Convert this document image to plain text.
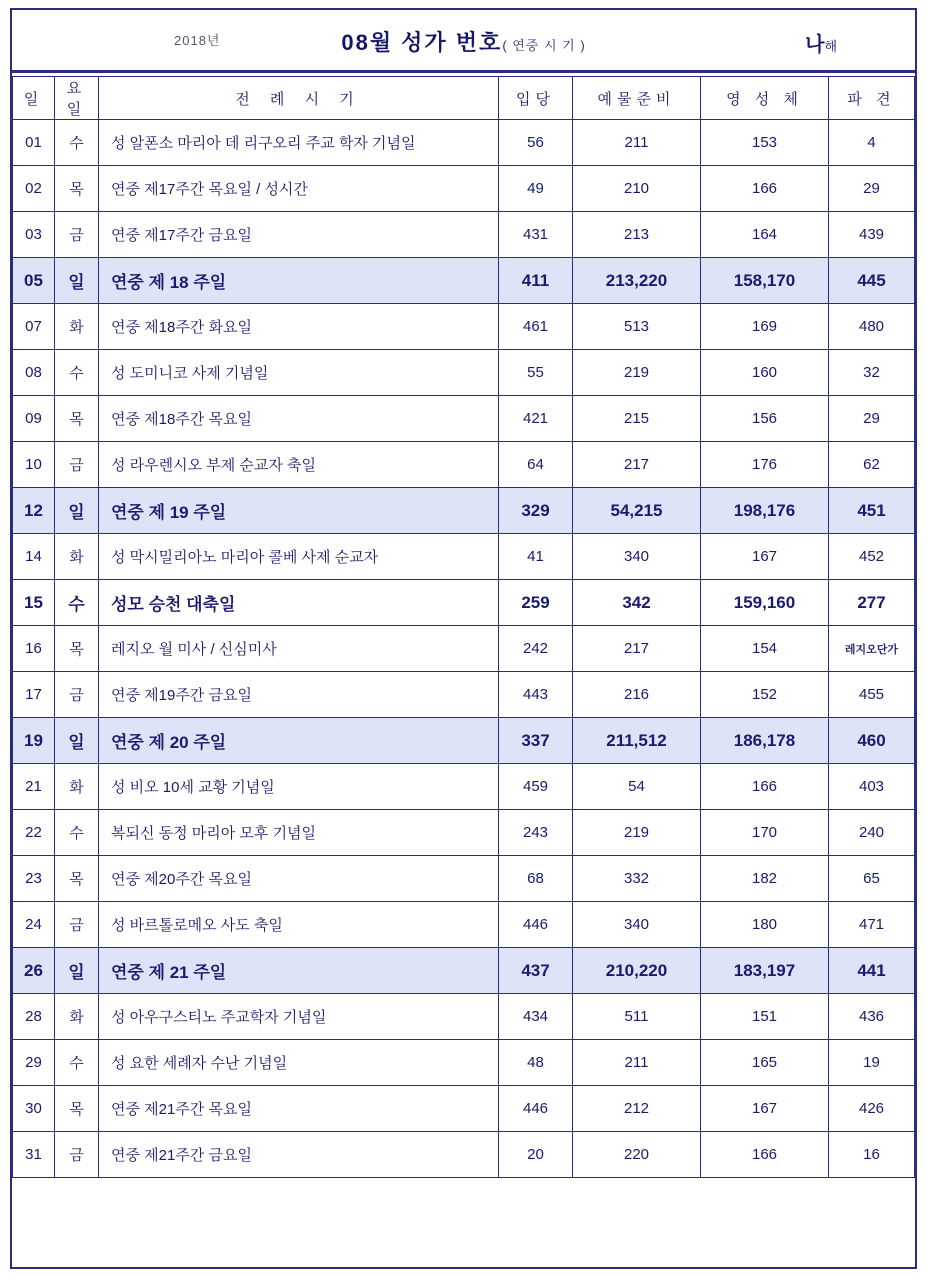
2018년	08월 성가 번호( 연중 시 기 )	나해
일	요일	전 례 시 기	입당	예물준비	영 성 체	파 견
01	수	성 알폰소 마리아 데 리구오리 주교 학자 기념일	56	211	153	4
02	목	연중 제17주간 목요일 / 성시간	49	210	166	29
03	금	연중 제17주간 금요일	431	213	164	439
05	일	연중 제 18 주일	411	213,220	158,170	445
07	화	연중 제18주간 화요일	461	513	169	480
08	수	성 도미니코 사제 기념일	55	219	160	32
09	목	연중 제18주간 목요일	421	215	156	29
10	금	성 라우렌시오 부제 순교자 축일	64	217	176	62
12	일	연중 제 19 주일	329	54,215	198,176	451
14	화	성 막시밀리아노 마리아 콜베 사제 순교자	41	340	167	452
15	수	성모 승천 대축일	259	342	159,160	277
16	목	레지오 월 미사 / 신심미사	242	217	154	레지오단가
17	금	연중 제19주간 금요일	443	216	152	455
19	일	연중 제 20 주일	337	211,512	186,178	460
21	화	성 비오 10세 교황 기념일	459	54	166	403
22	수	복되신 동정 마리아 모후 기념일	243	219	170	240
23	목	연중 제20주간 목요일	68	332	182	65
24	금	성 바르톨로메오 사도 축일	446	340	180	471
26	일	연중 제 21 주일	437	210,220	183,197	441
28	화	성 아우구스티노 주교학자 기념일	434	511	151	436
29	수	성 요한 세례자 수난 기념일	48	211	165	19
30	목	연중 제21주간 목요일	446	212	167	426
31	금	연중 제21주간 금요일	20	220	166	16
